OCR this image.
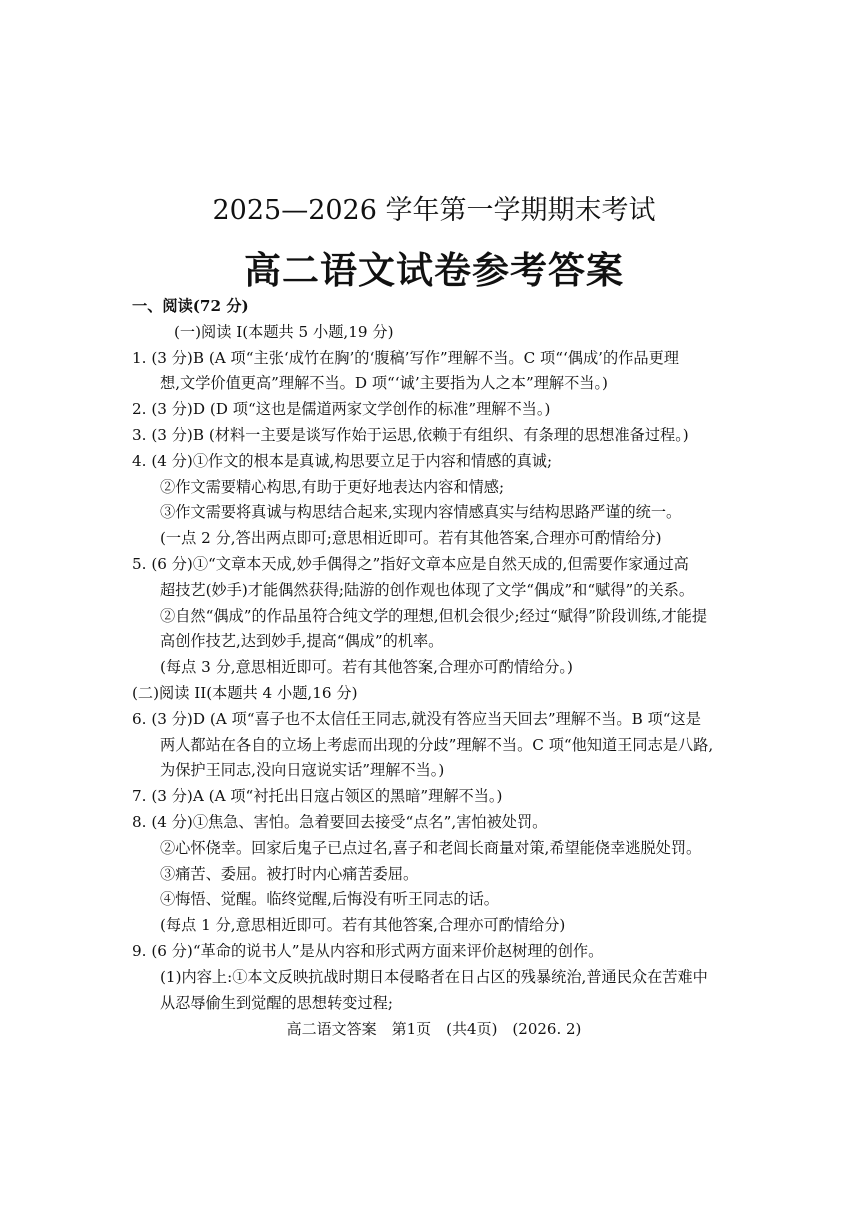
2025—2026 学年第一学期期末考试
高二语文试卷参考答案
一、阅读(72 分)
(一)阅读 I(本题共 5 小题,19 分)
1. (3 分)B (A 项“主张‘成竹在胸’的‘腹稿’写作”理解不当。C 项“‘偶成’的作品更理
想,文学价值更高”理解不当。D 项“‘诚’主要指为人之本”理解不当。)
2. (3 分)D (D 项“这也是儒道两家文学创作的标准”理解不当。)
3. (3 分)B (材料一主要是谈写作始于运思,依赖于有组织、有条理的思想准备过程。)
4. (4 分)①作文的根本是真诚,构思要立足于内容和情感的真诚;
②作文需要精心构思,有助于更好地表达内容和情感;
③作文需要将真诚与构思结合起来,实现内容情感真实与结构思路严谨的统一。
(一点 2 分,答出两点即可;意思相近即可。若有其他答案,合理亦可酌情给分)
5. (6 分)①“文章本天成,妙手偶得之”指好文章本应是自然天成的,但需要作家通过高
超技艺(妙手)才能偶然获得;陆游的创作观也体现了文学“偶成”和“赋得”的关系。
②自然“偶成”的作品虽符合纯文学的理想,但机会很少;经过“赋得”阶段训练,才能提
高创作技艺,达到妙手,提高“偶成”的机率。
(每点 3 分,意思相近即可。若有其他答案,合理亦可酌情给分。)
(二)阅读 II(本题共 4 小题,16 分)
6. (3 分)D (A 项“喜子也不太信任王同志,就没有答应当天回去”理解不当。B 项“这是
两人都站在各自的立场上考虑而出现的分歧”理解不当。C 项“他知道王同志是八路,
为保护王同志,没向日寇说实话”理解不当。)
7. (3 分)A (A 项“衬托出日寇占领区的黑暗”理解不当。)
8. (4 分)①焦急、害怕。急着要回去接受“点名”,害怕被处罚。
②心怀侥幸。回家后鬼子已点过名,喜子和老闾长商量对策,希望能侥幸逃脱处罚。
③痛苦、委屈。被打时内心痛苦委屈。
④悔悟、觉醒。临终觉醒,后悔没有听王同志的话。
(每点 1 分,意思相近即可。若有其他答案,合理亦可酌情给分)
9. (6 分)“革命的说书人”是从内容和形式两方面来评价赵树理的创作。
(1)内容上:①本文反映抗战时期日本侵略者在日占区的残暴统治,普通民众在苦难中
从忍辱偷生到觉醒的思想转变过程;
高二语文答案　第1页　(共4页)　(2026. 2)
